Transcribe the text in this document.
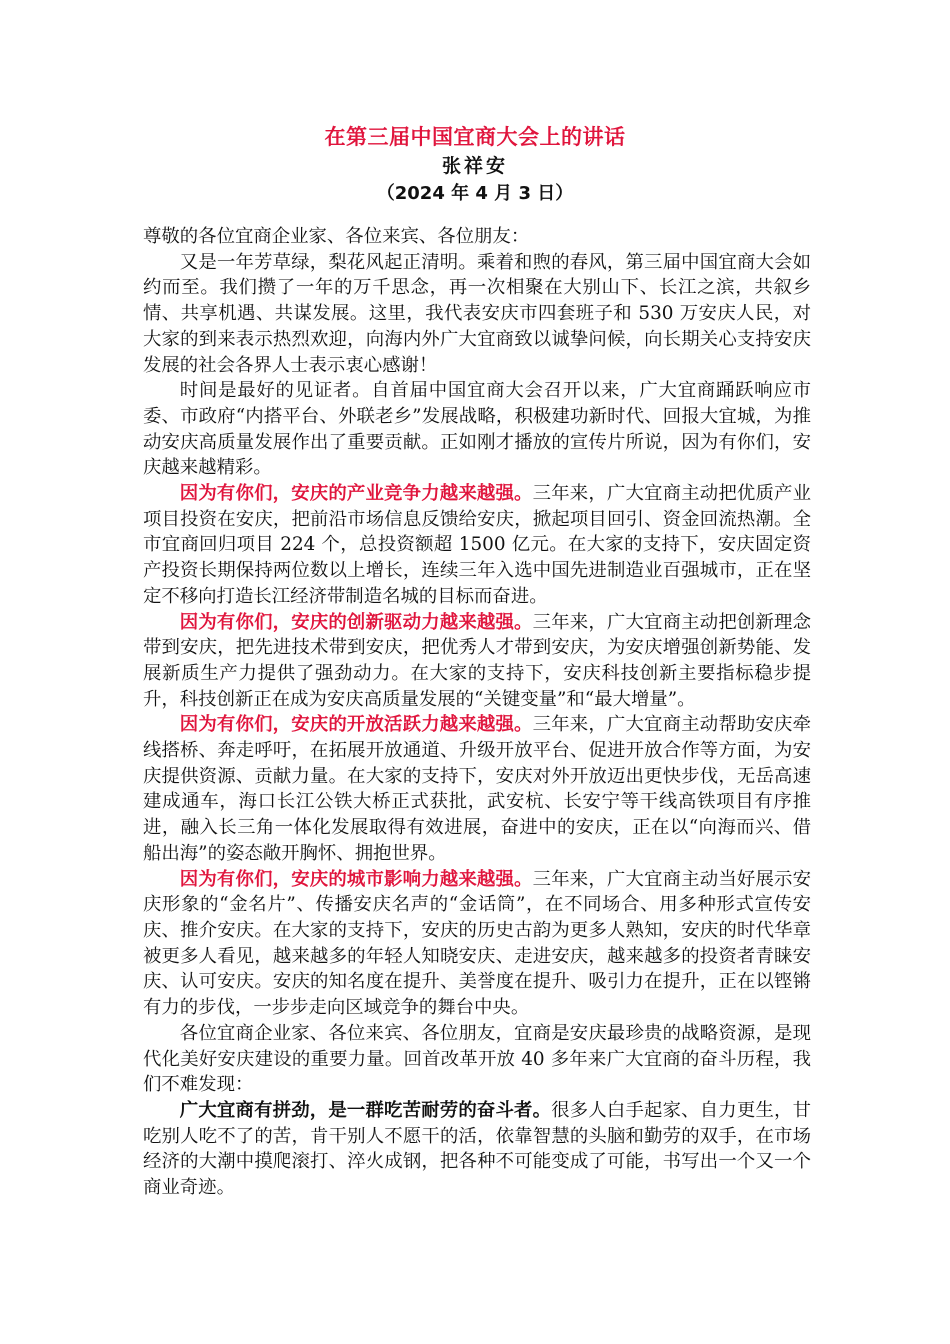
在第三届中国宜商大会上的讲话
张祥安
（2024 年 4 月 3 日）

尊敬的各位宜商企业家、各位来宾、各位朋友：

又是一年芳草绿，梨花风起正清明。乘着和煦的春风，第三届中国宜商大会如约而至。我们攒了一年的万千思念，再一次相聚在大别山下、长江之滨，共叙乡情、共享机遇、共谋发展。这里，我代表安庆市四套班子和 530 万安庆人民，对大家的到来表示热烈欢迎，向海内外广大宜商致以诚挚问候，向长期关心支持安庆发展的社会各界人士表示衷心感谢！

时间是最好的见证者。自首届中国宜商大会召开以来，广大宜商踊跃响应市委、市政府“内搭平台、外联老乡”发展战略，积极建功新时代、回报大宜城，为推动安庆高质量发展作出了重要贡献。正如刚才播放的宣传片所说，因为有你们，安庆越来越精彩。

因为有你们，安庆的产业竞争力越来越强。三年来，广大宜商主动把优质产业项目投资在安庆，把前沿市场信息反馈给安庆，掀起项目回引、资金回流热潮。全市宜商回归项目 224 个，总投资额超 1500 亿元。在大家的支持下，安庆固定资产投资长期保持两位数以上增长，连续三年入选中国先进制造业百强城市，正在坚定不移向打造长江经济带制造名城的目标而奋进。

因为有你们，安庆的创新驱动力越来越强。三年来，广大宜商主动把创新理念带到安庆，把先进技术带到安庆，把优秀人才带到安庆，为安庆增强创新势能、发展新质生产力提供了强劲动力。在大家的支持下，安庆科技创新主要指标稳步提升，科技创新正在成为安庆高质量发展的“关键变量”和“最大增量”。

因为有你们，安庆的开放活跃力越来越强。三年来，广大宜商主动帮助安庆牵线搭桥、奔走呼吁，在拓展开放通道、升级开放平台、促进开放合作等方面，为安庆提供资源、贡献力量。在大家的支持下，安庆对外开放迈出更快步伐，无岳高速建成通车，海口长江公铁大桥正式获批，武安杭、长安宁等干线高铁项目有序推进，融入长三角一体化发展取得有效进展，奋进中的安庆，正在以“向海而兴、借船出海”的姿态敞开胸怀、拥抱世界。

因为有你们，安庆的城市影响力越来越强。三年来，广大宜商主动当好展示安庆形象的“金名片”、传播安庆名声的“金话筒”，在不同场合、用多种形式宣传安庆、推介安庆。在大家的支持下，安庆的历史古韵为更多人熟知，安庆的时代华章被更多人看见，越来越多的年轻人知晓安庆、走进安庆，越来越多的投资者青睐安庆、认可安庆。安庆的知名度在提升、美誉度在提升、吸引力在提升，正在以铿锵有力的步伐，一步步走向区域竞争的舞台中央。

各位宜商企业家、各位来宾、各位朋友，宜商是安庆最珍贵的战略资源，是现代化美好安庆建设的重要力量。回首改革开放 40 多年来广大宜商的奋斗历程，我们不难发现：

广大宜商有拼劲，是一群吃苦耐劳的奋斗者。很多人白手起家、自力更生，甘吃别人吃不了的苦，肯干别人不愿干的活，依靠智慧的头脑和勤劳的双手，在市场经济的大潮中摸爬滚打、淬火成钢，把各种不可能变成了可能，书写出一个又一个商业奇迹。
